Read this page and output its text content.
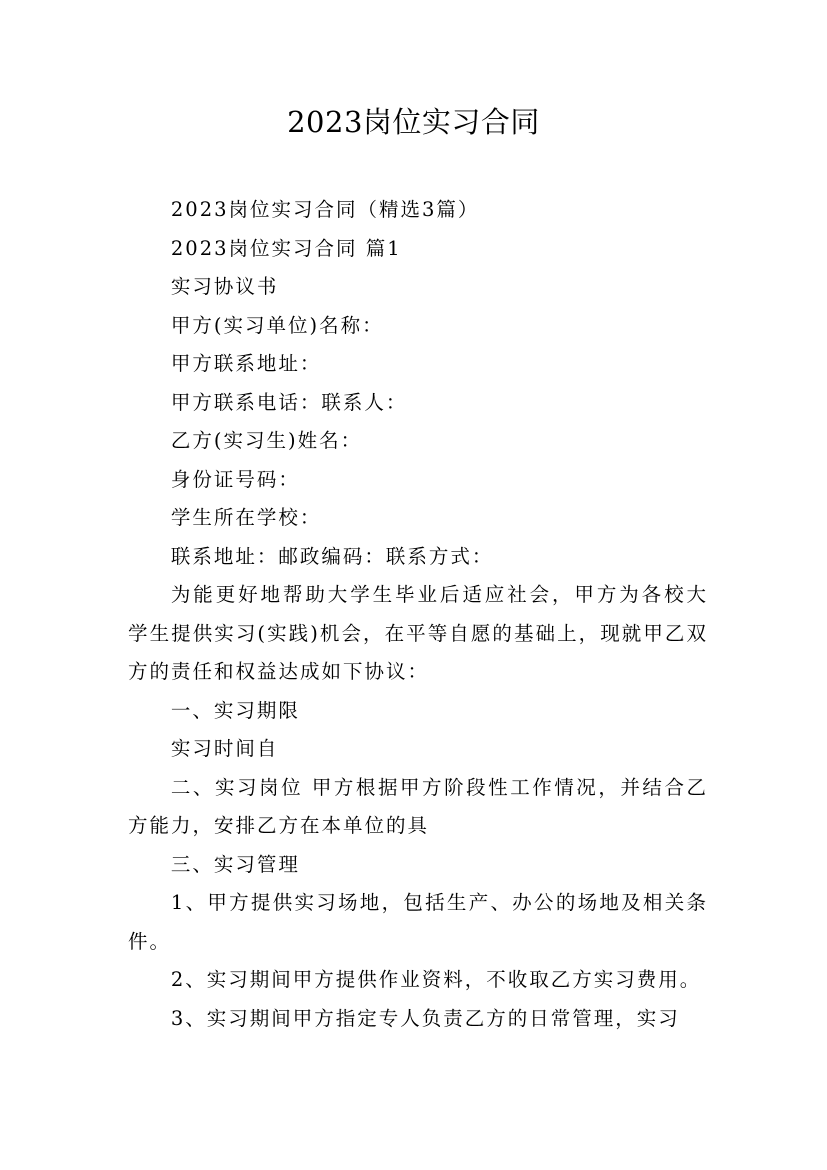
2023岗位实习合同

2023岗位实习合同（精选3篇）

2023岗位实习合同 篇1

实习协议书

甲方(实习单位)名称：

甲方联系地址：

甲方联系电话：联系人：

乙方(实习生)姓名：

身份证号码：

学生所在学校：

联系地址：邮政编码：联系方式：

为能更好地帮助大学生毕业后适应社会，甲方为各校大学生提供实习(实践)机会，在平等自愿的基础上，现就甲乙双方的责任和权益达成如下协议：

一、实习期限

实习时间自

二、实习岗位 甲方根据甲方阶段性工作情况，并结合乙方能力，安排乙方在本单位的具

三、实习管理

1、甲方提供实习场地，包括生产、办公的场地及相关条件。

2、实习期间甲方提供作业资料，不收取乙方实习费用。

3、实习期间甲方指定专人负责乙方的日常管理，实习
